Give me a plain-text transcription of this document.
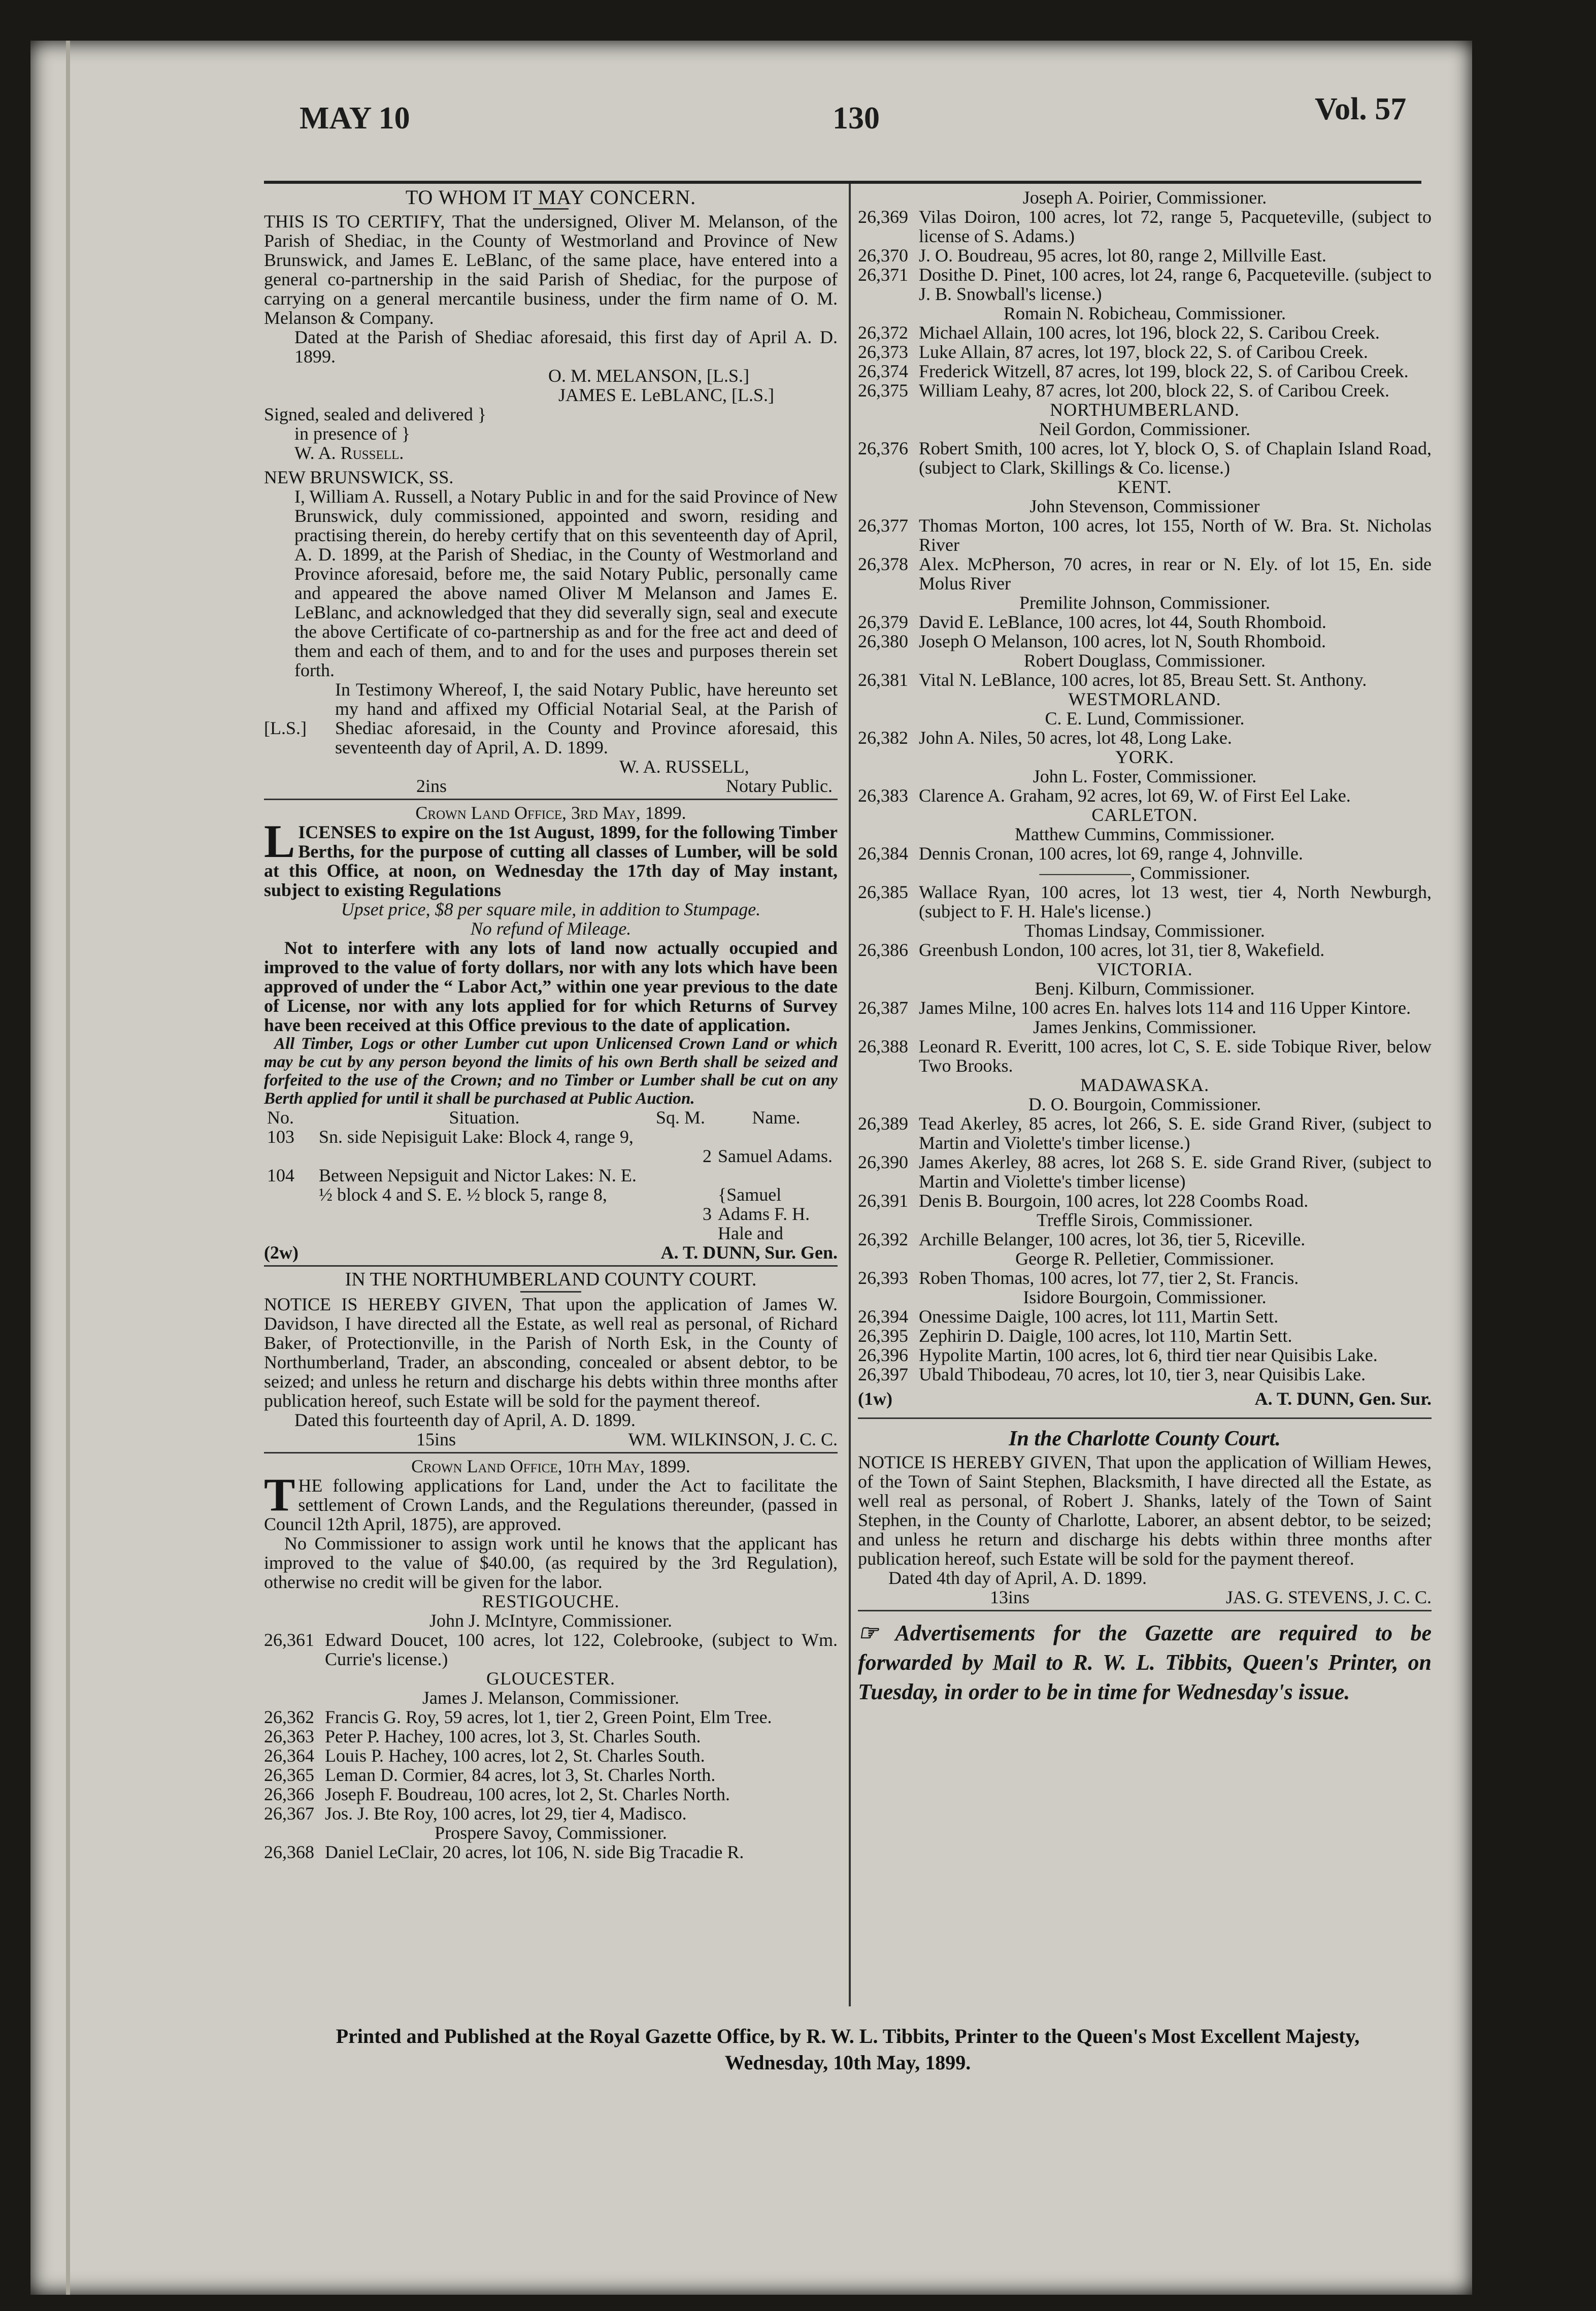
MAY 10	130	Vol. 57
TO WHOM IT MAY CONCERN.
THIS IS TO CERTIFY, That the undersigned, Oliver M. Melanson, of the Parish of Shediac, in the County of Westmorland and Province of New Brunswick, and James E. LeBlanc, of the same place, have entered into a general co-partnership in the said Parish of Shediac, for the purpose of carrying on a general mercantile business, under the firm name of O. M. Melanson & Company.
Dated at the Parish of Shediac aforesaid, this first day of April A. D. 1899.
O. M. MELANSON, [L.S.]
JAMES E. LeBLANC, [L.S.]
Signed, sealed and delivered }
in presence of }
W. A. Russell.
NEW BRUNSWICK, SS.
I, William A. Russell, a Notary Public in and for the said Province of New Brunswick, duly commissioned, appointed and sworn, residing and practising therein, do hereby certify that on this seventeenth day of April, A. D. 1899, at the Parish of Shediac, in the County of Westmorland and Province aforesaid, before me, the said Notary Public, personally came and appeared the above named Oliver M Melanson and James E. LeBlanc, and acknowledged that they did severally sign, seal and execute the above Certificate of co-partnership as and for the free act and deed of them and each of them, and to and for the uses and purposes therein set forth.
[L.S.]
In Testimony Whereof, I, the said Notary Public, have hereunto set my hand and affixed my Official Notarial Seal, at the Parish of Shediac aforesaid, in the County and Province aforesaid, this seventeenth day of April, A. D. 1899.
W. A. RUSSELL,
2ins	Notary Public.
Crown Land Office, 3rd May, 1899.
L ICENSES to expire on the 1st August, 1899, for the following Timber Berths, for the purpose of cutting all classes of Lumber, will be sold at this Office, at noon, on Wednesday the 17th day of May instant, subject to existing Regulations
Upset price, $8 per square mile, in addition to Stumpage.
No refund of Mileage.
Not to interfere with any lots of land now actually occupied and improved to the value of forty dollars, nor with any lots which have been approved of under the “ Labor Act,” within one year previous to the date of License, nor with any lots applied for for which Returns of Survey have been received at this Office previous to the date of application.
All Timber, Logs or other Lumber cut upon Unlicensed Crown Land or which may be cut by any person beyond the limits of his own Berth shall be seized and forfeited to the use of the Crown; and no Timber or Lumber shall be cut on any Berth applied for until it shall be purchased at Public Auction.
No.	Situation.	Sq. M.	Name.
103	Sn. side Nepisiguit Lake: Block 4, range 9,	2	Samuel Adams.
104	Between Nepsiguit and Nictor Lakes: N. E. ½ block 4 and S. E. ½ block 5, range 8,	3	{Samuel Adams F. H. Hale and
(2w)	A. T. DUNN, Sur. Gen.
IN THE NORTHUMBERLAND COUNTY COURT.
NOTICE IS HEREBY GIVEN, That upon the application of James W. Davidson, I have directed all the Estate, as well real as personal, of Richard Baker, of Protectionville, in the Parish of North Esk, in the County of Northumberland, Trader, an absconding, concealed or absent debtor, to be seized; and unless he return and discharge his debts within three months after publication hereof, such Estate will be sold for the payment thereof.
Dated this fourteenth day of April, A. D. 1899.
15ins	WM. WILKINSON, J. C. C.
Crown Land Office, 10th May, 1899.
T HE following applications for Land, under the Act to facilitate the settlement of Crown Lands, and the Regulations thereunder, (passed in Council 12th April, 1875), are approved.
No Commissioner to assign work until he knows that the applicant has improved to the value of $40.00, (as required by the 3rd Regulation), otherwise no credit will be given for the labor.
RESTIGOUCHE.
John J. McIntyre, Commissioner.
26,361 Edward Doucet, 100 acres, lot 122, Colebrooke, (subject to Wm. Currie's license.)
GLOUCESTER.
James J. Melanson, Commissioner.
26,362 Francis G. Roy, 59 acres, lot 1, tier 2, Green Point, Elm Tree.
26,363 Peter P. Hachey, 100 acres, lot 3, St. Charles South.
26,364 Louis P. Hachey, 100 acres, lot 2, St. Charles South.
26,365 Leman D. Cormier, 84 acres, lot 3, St. Charles North.
26,366 Joseph F. Boudreau, 100 acres, lot 2, St. Charles North.
26,367 Jos. J. Bte Roy, 100 acres, lot 29, tier 4, Madisco.
Prospere Savoy, Commissioner.
26,368 Daniel LeClair, 20 acres, lot 106, N. side Big Tracadie R.
Joseph A. Poirier, Commissioner.
26,369 Vilas Doiron, 100 acres, lot 72, range 5, Pacqueteville, (subject to license of S. Adams.)
26,370 J. O. Boudreau, 95 acres, lot 80, range 2, Millville East.
26,371 Dosithe D. Pinet, 100 acres, lot 24, range 6, Pacqueteville. (subject to J. B. Snowball's license.)
Romain N. Robicheau, Commissioner.
26,372 Michael Allain, 100 acres, lot 196, block 22, S. Caribou Creek.
26,373 Luke Allain, 87 acres, lot 197, block 22, S. of Caribou Creek.
26,374 Frederick Witzell, 87 acres, lot 199, block 22, S. of Caribou Creek.
26,375 William Leahy, 87 acres, lot 200, block 22, S. of Caribou Creek.
NORTHUMBERLAND.
Neil Gordon, Commissioner.
26,376 Robert Smith, 100 acres, lot Y, block O, S. of Chaplain Island Road, (subject to Clark, Skillings & Co. license.)
KENT.
John Stevenson, Commissioner
26,377 Thomas Morton, 100 acres, lot 155, North of W. Bra. St. Nicholas River
26,378 Alex. McPherson, 70 acres, in rear or N. Ely. of lot 15, En. side Molus River
Premilite Johnson, Commissioner.
26,379 David E. LeBlance, 100 acres, lot 44, South Rhomboid.
26,380 Joseph O Melanson, 100 acres, lot N, South Rhomboid.
Robert Douglass, Commissioner.
26,381 Vital N. LeBlance, 100 acres, lot 85, Breau Sett. St. Anthony.
WESTMORLAND.
C. E. Lund, Commissioner.
26,382 John A. Niles, 50 acres, lot 48, Long Lake.
YORK.
John L. Foster, Commissioner.
26,383 Clarence A. Graham, 92 acres, lot 69, W. of First Eel Lake.
CARLETON.
Matthew Cummins, Commissioner.
26,384 Dennis Cronan, 100 acres, lot 69, range 4, Johnville.
—————, Commissioner.
26,385 Wallace Ryan, 100 acres, lot 13 west, tier 4, North Newburgh, (subject to F. H. Hale's license.)
Thomas Lindsay, Commissioner.
26,386 Greenbush London, 100 acres, lot 31, tier 8, Wakefield.
VICTORIA.
Benj. Kilburn, Commissioner.
26,387 James Milne, 100 acres En. halves lots 114 and 116 Upper Kintore.
James Jenkins, Commissioner.
26,388 Leonard R. Everitt, 100 acres, lot C, S. E. side Tobique River, below Two Brooks.
MADAWASKA.
D. O. Bourgoin, Commissioner.
26,389 Tead Akerley, 85 acres, lot 266, S. E. side Grand River, (subject to Martin and Violette's timber license.)
26,390 James Akerley, 88 acres, lot 268 S. E. side Grand River, (subject to Martin and Violette's timber license)
26,391 Denis B. Bourgoin, 100 acres, lot 228 Coombs Road.
Treffle Sirois, Commissioner.
26,392 Archille Belanger, 100 acres, lot 36, tier 5, Riceville.
George R. Pelletier, Commissioner.
26,393 Roben Thomas, 100 acres, lot 77, tier 2, St. Francis.
Isidore Bourgoin, Commissioner.
26,394 Onessime Daigle, 100 acres, lot 111, Martin Sett.
26,395 Zephirin D. Daigle, 100 acres, lot 110, Martin Sett.
26,396 Hypolite Martin, 100 acres, lot 6, third tier near Quisibis Lake.
26,397 Ubald Thibodeau, 70 acres, lot 10, tier 3, near Quisibis Lake.
(1w)	A. T. DUNN, Gen. Sur.
In the Charlotte County Court.
NOTICE IS HEREBY GIVEN, That upon the application of William Hewes, of the Town of Saint Stephen, Blacksmith, I have directed all the Estate, as well real as personal, of Robert J. Shanks, lately of the Town of Saint Stephen, in the County of Charlotte, Laborer, an absent debtor, to be seized; and unless he return and discharge his debts within three months after publication hereof, such Estate will be sold for the payment thereof.
Dated 4th day of April, A. D. 1899.
13ins	JAS. G. STEVENS, J. C. C.
☞ Advertisements for the Gazette are required to be forwarded by Mail to R. W. L. Tibbits, Queen's Printer, on Tuesday, in order to be in time for Wednesday's issue.
Printed and Published at the Royal Gazette Office, by R. W. L. Tibbits, Printer to the Queen's Most Excellent Majesty,
Wednesday, 10th May, 1899.
